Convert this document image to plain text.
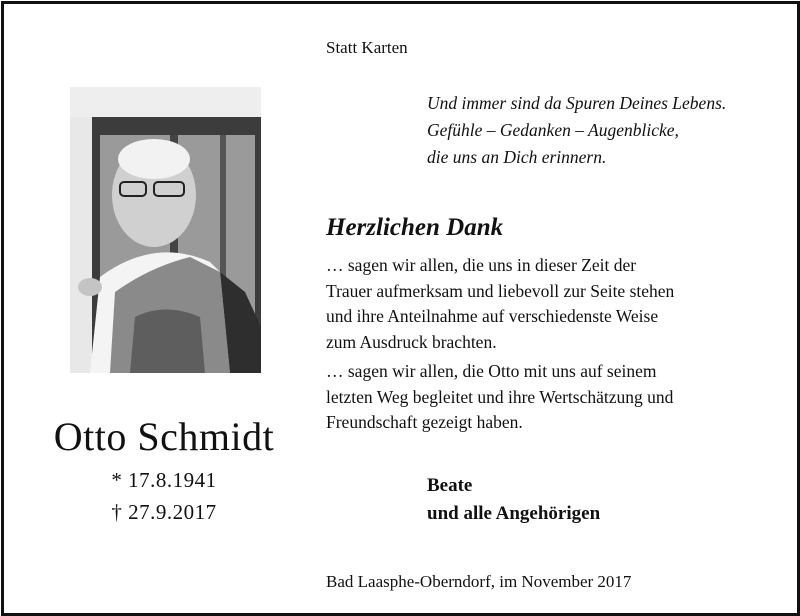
Statt Karten
Und immer sind da Spuren Deines Lebens.
Gefühle – Gedanken – Augenblicke,
die uns an Dich erinnern.
Otto Schmidt
* 17.8.1941
† 27.9.2017
Herzlichen Dank
… sagen wir allen, die uns in dieser Zeit der
Trauer aufmerksam und liebevoll zur Seite stehen
und ihre Anteilnahme auf verschiedenste Weise
zum Ausdruck brachten.
… sagen wir allen, die Otto mit uns auf seinem
letzten Weg begleitet und ihre Wertschätzung und
Freundschaft gezeigt haben.
Beate
und alle Angehörigen
Bad Laasphe-Oberndorf, im November 2017
